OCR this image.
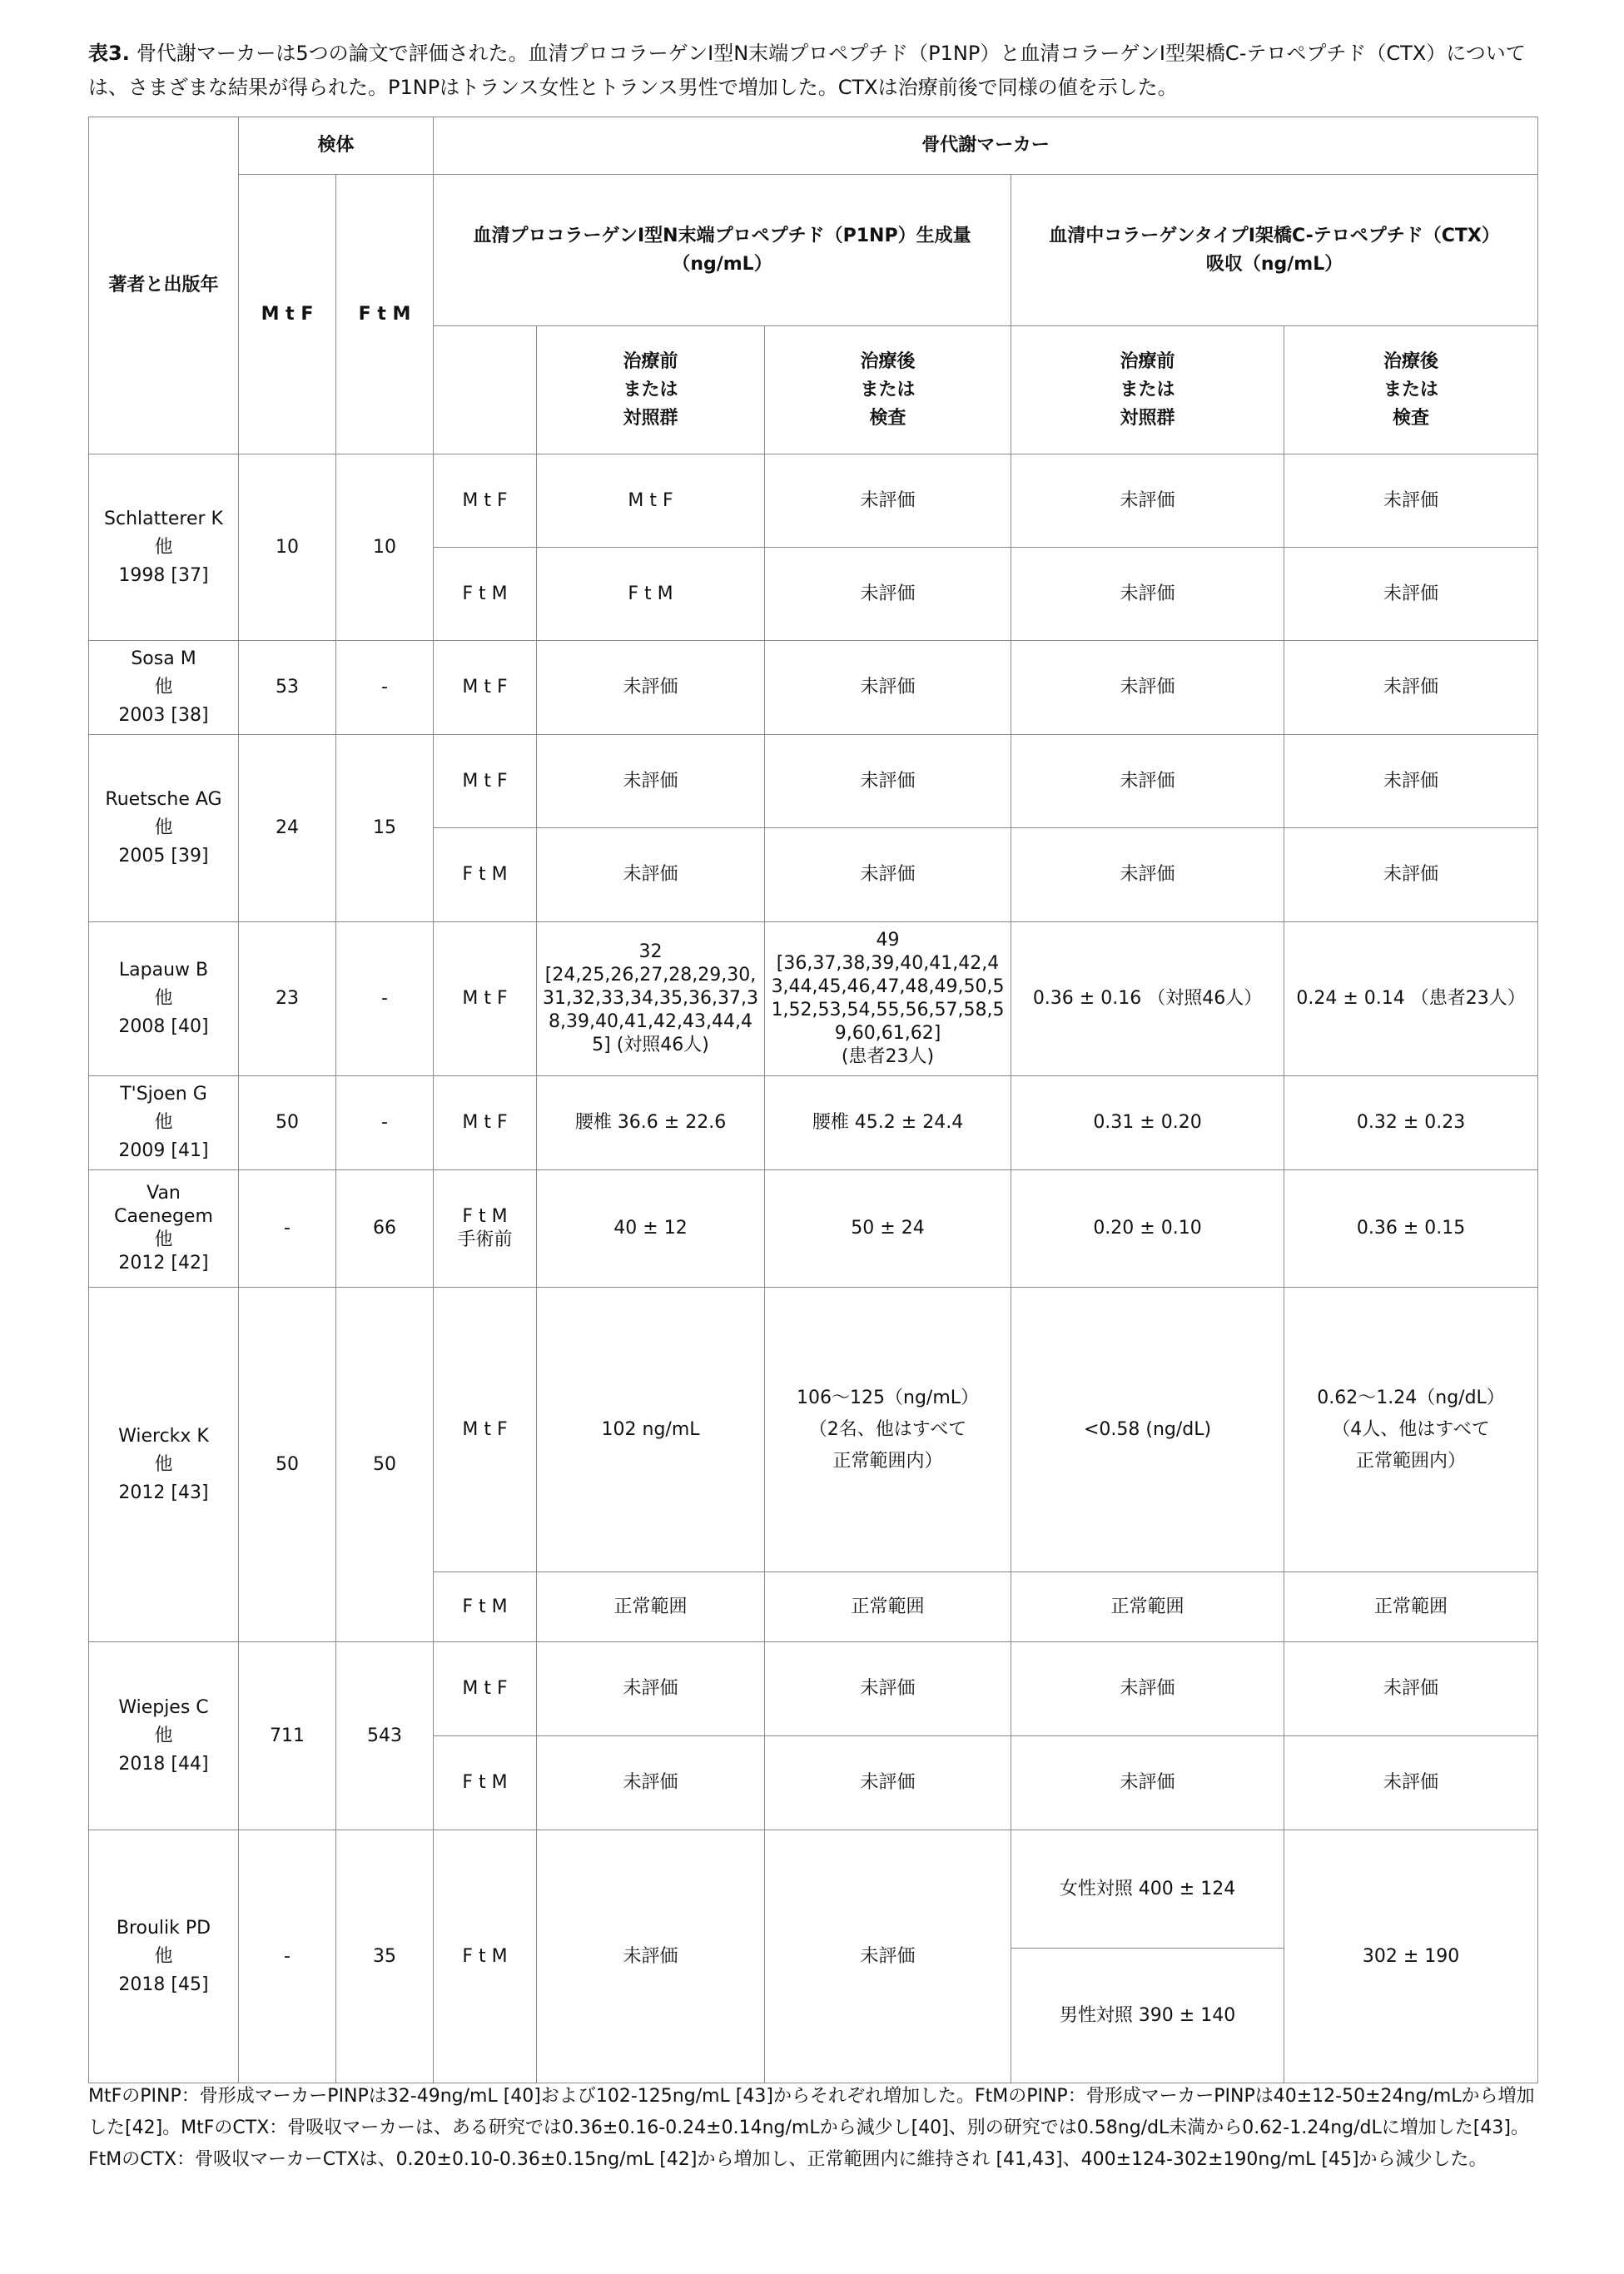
表3. 骨代謝マーカーは5つの論文で評価された。血清プロコラーゲンI型N末端プロペプチド（P1NP）と血清コラーゲンI型架橋C-テロペプチド（CTX）については、さまざまな結果が得られた。P1NPはトランス女性とトランス男性で増加した。CTXは治療前後で同様の値を示した。
著者と出版年	検体		骨代謝マーカー				
	M t F	F t M	血清プロコラーゲンI型N末端プロペプチド（P1NP）生成量
（ng/mL）			血清中コラーゲンタイプI架橋C-テロペプチド（CTX）
吸収（ng/mL）	
				治療前
または
対照群	治療後
または
検査	治療前
または
対照群	治療後
または
検査
Schlatterer K
他
1998 [37]	10	10	M t F	M t F	未評価	未評価	未評価
			F t M	F t M	未評価	未評価	未評価
Sosa M
他
2003 [38]	53	-	M t F	未評価	未評価	未評価	未評価
Ruetsche AG
他
2005 [39]	24	15	M t F	未評価	未評価	未評価	未評価
			F t M	未評価	未評価	未評価	未評価
Lapauw B
他
2008 [40]	23	-	M t F	32
[24,25,26,27,28,29,30,31,32,33,34,35,36,37,38,39,40,41,42,43,44,45] (対照46人)	49
[36,37,38,39,40,41,42,43,44,45,46,47,48,49,50,51,52,53,54,55,56,57,58,59,60,61,62]
(患者23人)	0.36 ± 0.16 （対照46人）	0.24 ± 0.14 （患者23人）
T'Sjoen G
他
2009 [41]	50	-	M t F	腰椎 36.6 ± 22.6	腰椎 45.2 ± 24.4	0.31 ± 0.20	0.32 ± 0.23
Van
Caenegem
他
2012 [42]	-	66	F t M
手術前	40 ± 12	50 ± 24	0.20 ± 0.10	0.36 ± 0.15
Wierckx K
他
2012 [43]	50	50	M t F	102 ng/mL	106～125（ng/mL）
（2名、他はすべて
正常範囲内）	<0.58 (ng/dL)	0.62～1.24（ng/dL）
（4人、他はすべて
正常範囲内）
			F t M	正常範囲	正常範囲	正常範囲	正常範囲
Wiepjes C
他
2018 [44]	711	543	M t F	未評価	未評価	未評価	未評価
			F t M	未評価	未評価	未評価	未評価
Broulik PD
他
2018 [45]	-	35	F t M	未評価	未評価	女性対照 400 ± 124	302 ± 190
						男性対照 390 ± 140	
MtFのPINP：骨形成マーカーPINPは32-49ng/mL [40]および102-125ng/mL [43]からそれぞれ増加した。FtMのPINP：骨形成マーカーPINPは40±12-50±24ng/mLから増加した[42]。MtFのCTX：骨吸収マーカーは、ある研究では0.36±0.16-0.24±0.14ng/mLから減少し[40]、別の研究では0.58ng/dL未満から0.62-1.24ng/dLに増加した[43]。FtMのCTX：骨吸収マーカーCTXは、0.20±0.10-0.36±0.15ng/mL [42]から増加し、正常範囲内に維持され [41,43]、400±124-302±190ng/mL [45]から減少した。
